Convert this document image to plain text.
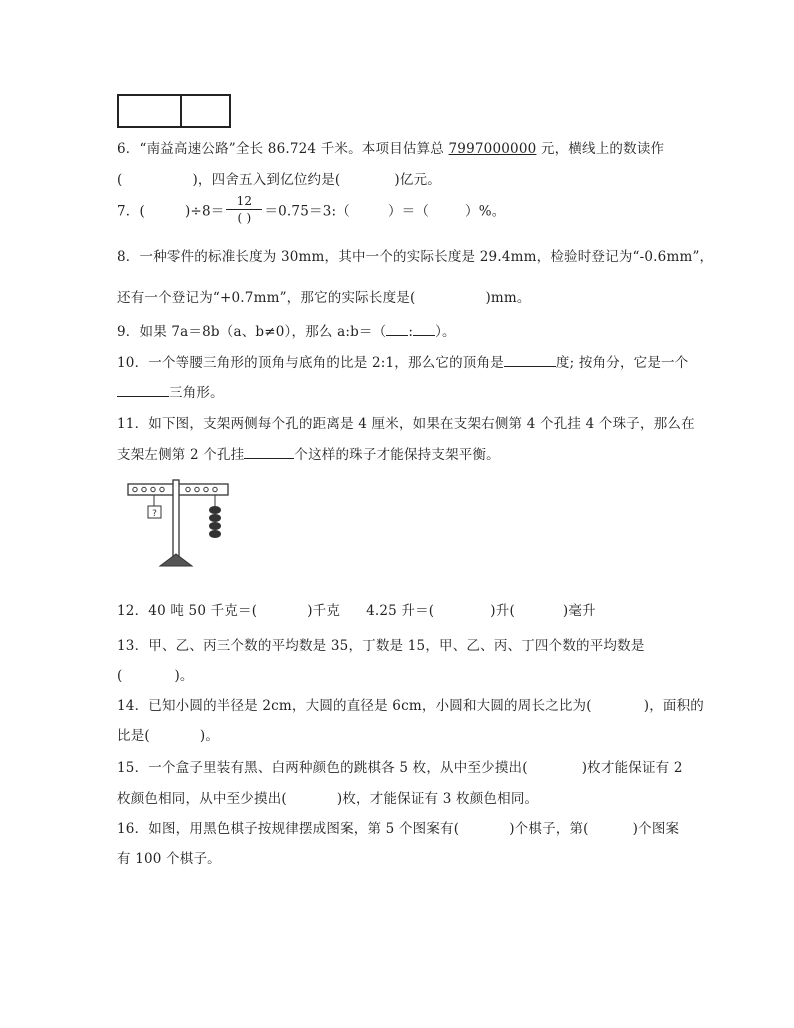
6．“南益高速公路”全长 86.724 千米。本项目估算总 7997000000 元，横线上的数读作
(	)，四舍五入到亿位约是(	)亿元。
7．(	)$\div 8= \frac{12}{( )}$ ＝0.75＝3:（	）＝（	）%。
8．一种零件的标准长度为 30mm，其中一个的实际长度是 29.4mm，检验时登记为“-0.6mm”，
还有一个登记为“+0.7mm”，那它的实际长度是(	)mm。
9．如果 7a＝8b（a、b≠0），那么 a:b＝（ : ）。
10．一个等腰三角形的顶角与底角的比是 2:1，那么它的顶角是	度; 按角分，它是一个
三角形。
11．如下图，支架两侧每个孔的距离是 4 厘米，如果在支架右侧第 4 个孔挂 4 个珠子，那么在
支架左侧第 2 个孔挂	个这样的珠子才能保持支架平衡。
?
12．40 吨 50 千克＝(	)千克 4.25 升＝(	)升(	)毫升
13．甲、乙、丙三个数的平均数是 35，丁数是 15，甲、乙、丙、丁四个数的平均数是
(	)。
14．已知小圆的半径是 2cm，大圆的直径是 6cm，小圆和大圆的周长之比为(	)，面积的
比是(	)。
15．一个盒子里装有黑、白两种颜色的跳棋各 5 枚，从中至少摸出(	)枚才能保证有 2
枚颜色相同，从中至少摸出(	)枚，才能保证有 3 枚颜色相同。
16．如图，用黑色棋子按规律摆成图案，第 5 个图案有(	)个棋子，第(	)个图案
有 100 个棋子。
